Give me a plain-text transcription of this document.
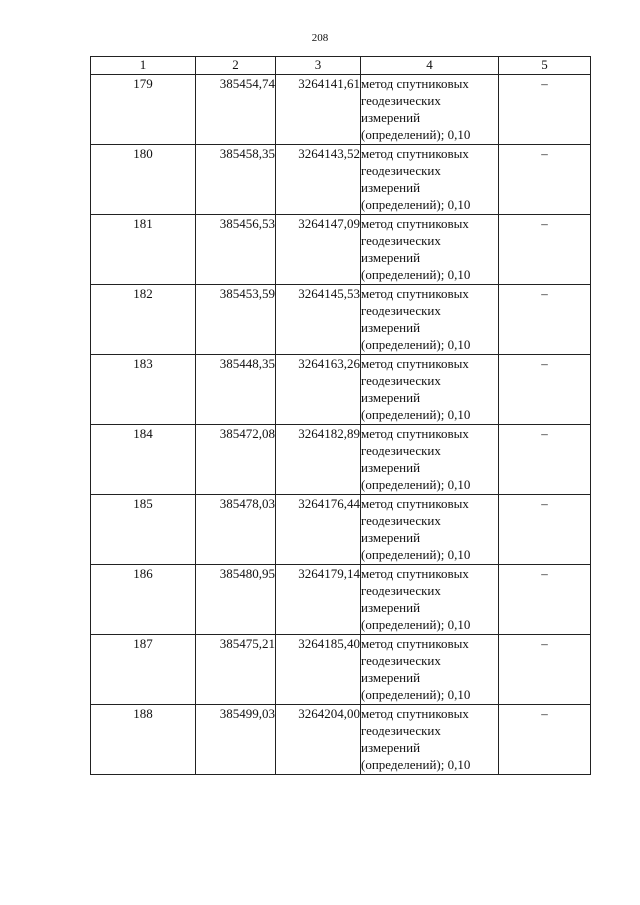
208
1	2	3	4	5
179	385454,74	3264141,61	метод спутниковых
геодезических
измерений
(определений); 0,10	–
180	385458,35	3264143,52	метод спутниковых
геодезических
измерений
(определений); 0,10	–
181	385456,53	3264147,09	метод спутниковых
геодезических
измерений
(определений); 0,10	–
182	385453,59	3264145,53	метод спутниковых
геодезических
измерений
(определений); 0,10	–
183	385448,35	3264163,26	метод спутниковых
геодезических
измерений
(определений); 0,10	–
184	385472,08	3264182,89	метод спутниковых
геодезических
измерений
(определений); 0,10	–
185	385478,03	3264176,44	метод спутниковых
геодезических
измерений
(определений); 0,10	–
186	385480,95	3264179,14	метод спутниковых
геодезических
измерений
(определений); 0,10	–
187	385475,21	3264185,40	метод спутниковых
геодезических
измерений
(определений); 0,10	–
188	385499,03	3264204,00	метод спутниковых
геодезических
измерений
(определений); 0,10	–
